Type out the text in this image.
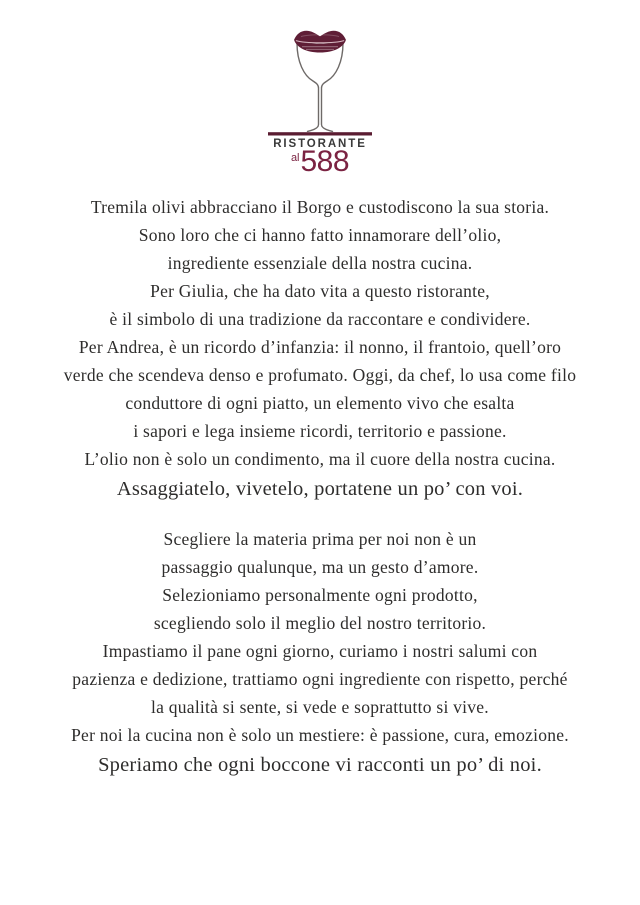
RISTORANTE
al 588
Tremila olivi abbracciano il Borgo e custodiscono la sua storia.
Sono loro che ci hanno fatto innamorare dell’olio,
ingrediente essenziale della nostra cucina.
Per Giulia, che ha dato vita a questo ristorante,
è il simbolo di una tradizione da raccontare e condividere.
Per Andrea, è un ricordo d’infanzia: il nonno, il frantoio, quell’oro
verde che scendeva denso e profumato. Oggi, da chef, lo usa come filo
conduttore di ogni piatto, un elemento vivo che esalta
i sapori e lega insieme ricordi, territorio e passione.
L’olio non è solo un condimento, ma il cuore della nostra cucina.
Assaggiatelo, vivetelo, portatene un po’ con voi.
Scegliere la materia prima per noi non è un
passaggio qualunque, ma un gesto d’amore.
Selezioniamo personalmente ogni prodotto,
scegliendo solo il meglio del nostro territorio.
Impastiamo il pane ogni giorno, curiamo i nostri salumi con
pazienza e dedizione, trattiamo ogni ingrediente con rispetto, perché
la qualità si sente, si vede e soprattutto si vive.
Per noi la cucina non è solo un mestiere: è passione, cura, emozione.
Speriamo che ogni boccone vi racconti un po’ di noi.
